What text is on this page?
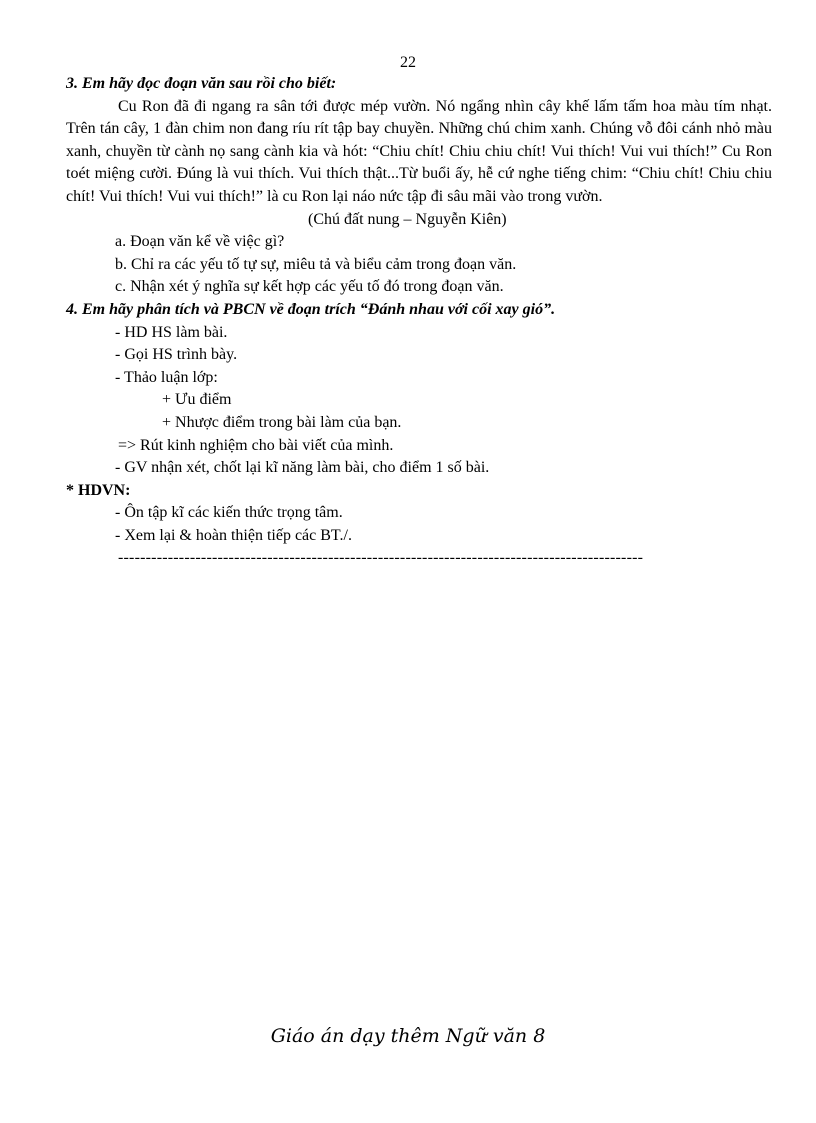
22

3. Em hãy đọc đoạn văn sau rồi cho biết:

Cu Ron đã đi ngang ra sân tới được mép vườn. Nó ngẩng nhìn cây khế lấm tấm hoa màu tím nhạt. Trên tán cây, 1 đàn chim non đang ríu rít tập bay chuyền. Những chú chim xanh. Chúng vỗ đôi cánh nhỏ màu xanh, chuyền từ cành nọ sang cành kia và hót: “Chiu chít! Chiu chiu chít! Vui thích! Vui vui thích!” Cu Ron toét miệng cười. Đúng là vui thích. Vui thích thật...Từ buổi ấy, hễ cứ nghe tiếng chim: “Chiu chít! Chiu chiu chít! Vui thích! Vui vui thích!” là cu Ron lại náo nức tập đi sâu mãi vào trong vườn.

(Chú đất nung – Nguyễn Kiên)

a. Đoạn văn kể về việc gì?

b. Chỉ ra các yếu tố tự sự, miêu tả và biểu cảm trong đoạn văn.

c. Nhận xét ý nghĩa sự kết hợp các yếu tố đó trong đoạn văn.

4. Em hãy phân tích và PBCN về đoạn trích “Đánh nhau với cối xay gió”.

- HD HS làm bài.

- Gọi HS trình bày.

- Thảo luận lớp:

+ Ưu điểm

+ Nhược điểm trong bài làm của bạn.

=> Rút kinh nghiệm cho bài viết của mình.

- GV nhận xét, chốt lại kĩ năng làm bài, cho điểm 1 số bài.

* HDVN:

- Ôn tập kĩ các kiến thức trọng tâm.

- Xem lại & hoàn thiện tiếp các BT./.

-----------------------------------------------------------------------------------------------

Giáo án dạy thêm Ngữ văn 8
